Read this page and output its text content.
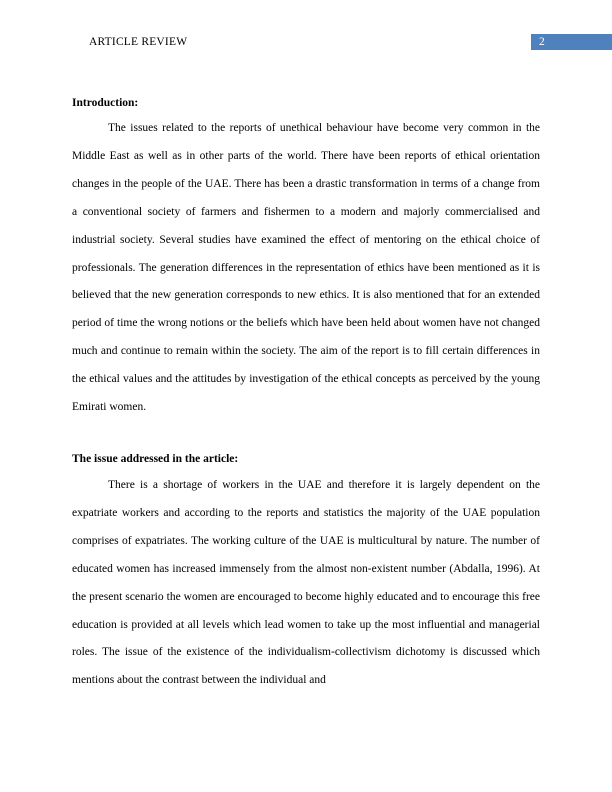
ARTICLE REVIEW	2
Introduction:

The issues related to the reports of unethical behaviour have become very common in the Middle East as well as in other parts of the world. There have been reports of ethical orientation changes in the people of the UAE. There has been a drastic transformation in terms of a change from a conventional society of farmers and fishermen to a modern and majorly commercialised and industrial society. Several studies have examined the effect of mentoring on the ethical choice of professionals. The generation differences in the representation of ethics have been mentioned as it is believed that the new generation corresponds to new ethics. It is also mentioned that for an extended period of time the wrong notions or the beliefs which have been held about women have not changed much and continue to remain within the society. The aim of the report is to fill certain differences in the ethical values and the attitudes by investigation of the ethical concepts as perceived by the young Emirati women.

The issue addressed in the article:

There is a shortage of workers in the UAE and therefore it is largely dependent on the expatriate workers and according to the reports and statistics the majority of the UAE population comprises of expatriates. The working culture of the UAE is multicultural by nature. The number of educated women has increased immensely from the almost non-existent number (Abdalla, 1996). At the present scenario the women are encouraged to become highly educated and to encourage this free education is provided at all levels which lead women to take up the most influential and managerial roles. The issue of the existence of the individualism-collectivism dichotomy is discussed which mentions about the contrast between the individual and
